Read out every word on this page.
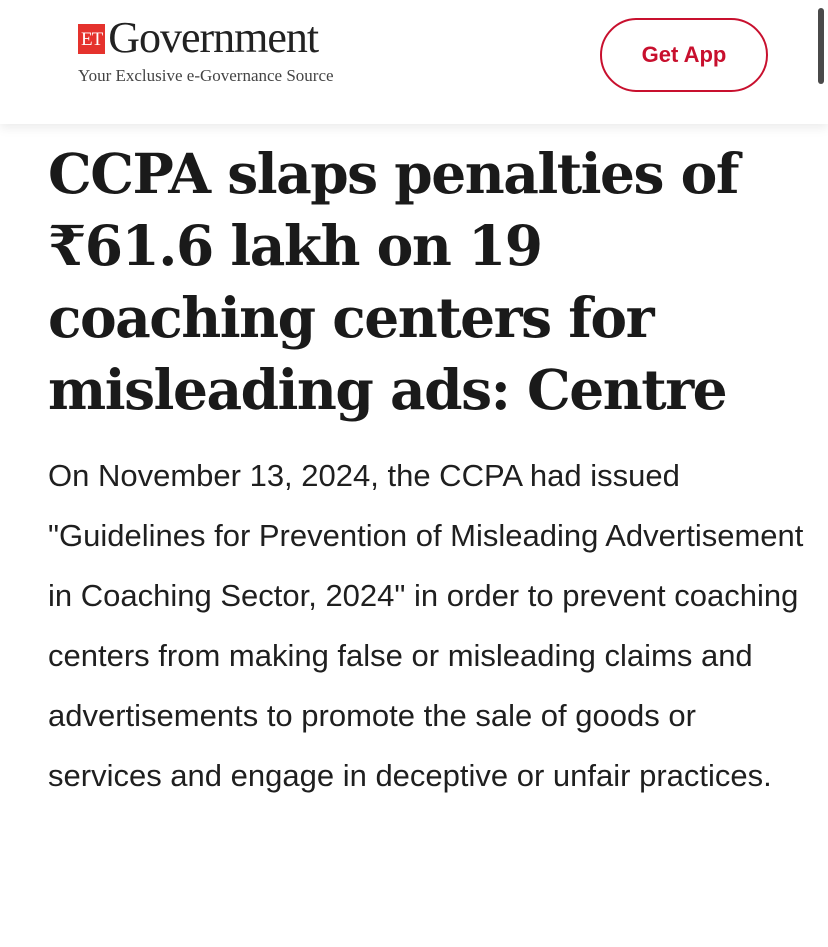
ET Government
Your Exclusive e-Governance Source
Get App
CCPA slaps penalties of ₹61.6 lakh on 19 coaching centers for misleading ads: Centre

On November 13, 2024, the CCPA had issued "Guidelines for Prevention of Misleading Advertisement in Coaching Sector, 2024" in order to prevent coaching centers from making false or misleading claims and advertisements to promote the sale of goods or services and engage in deceptive or unfair practices.
